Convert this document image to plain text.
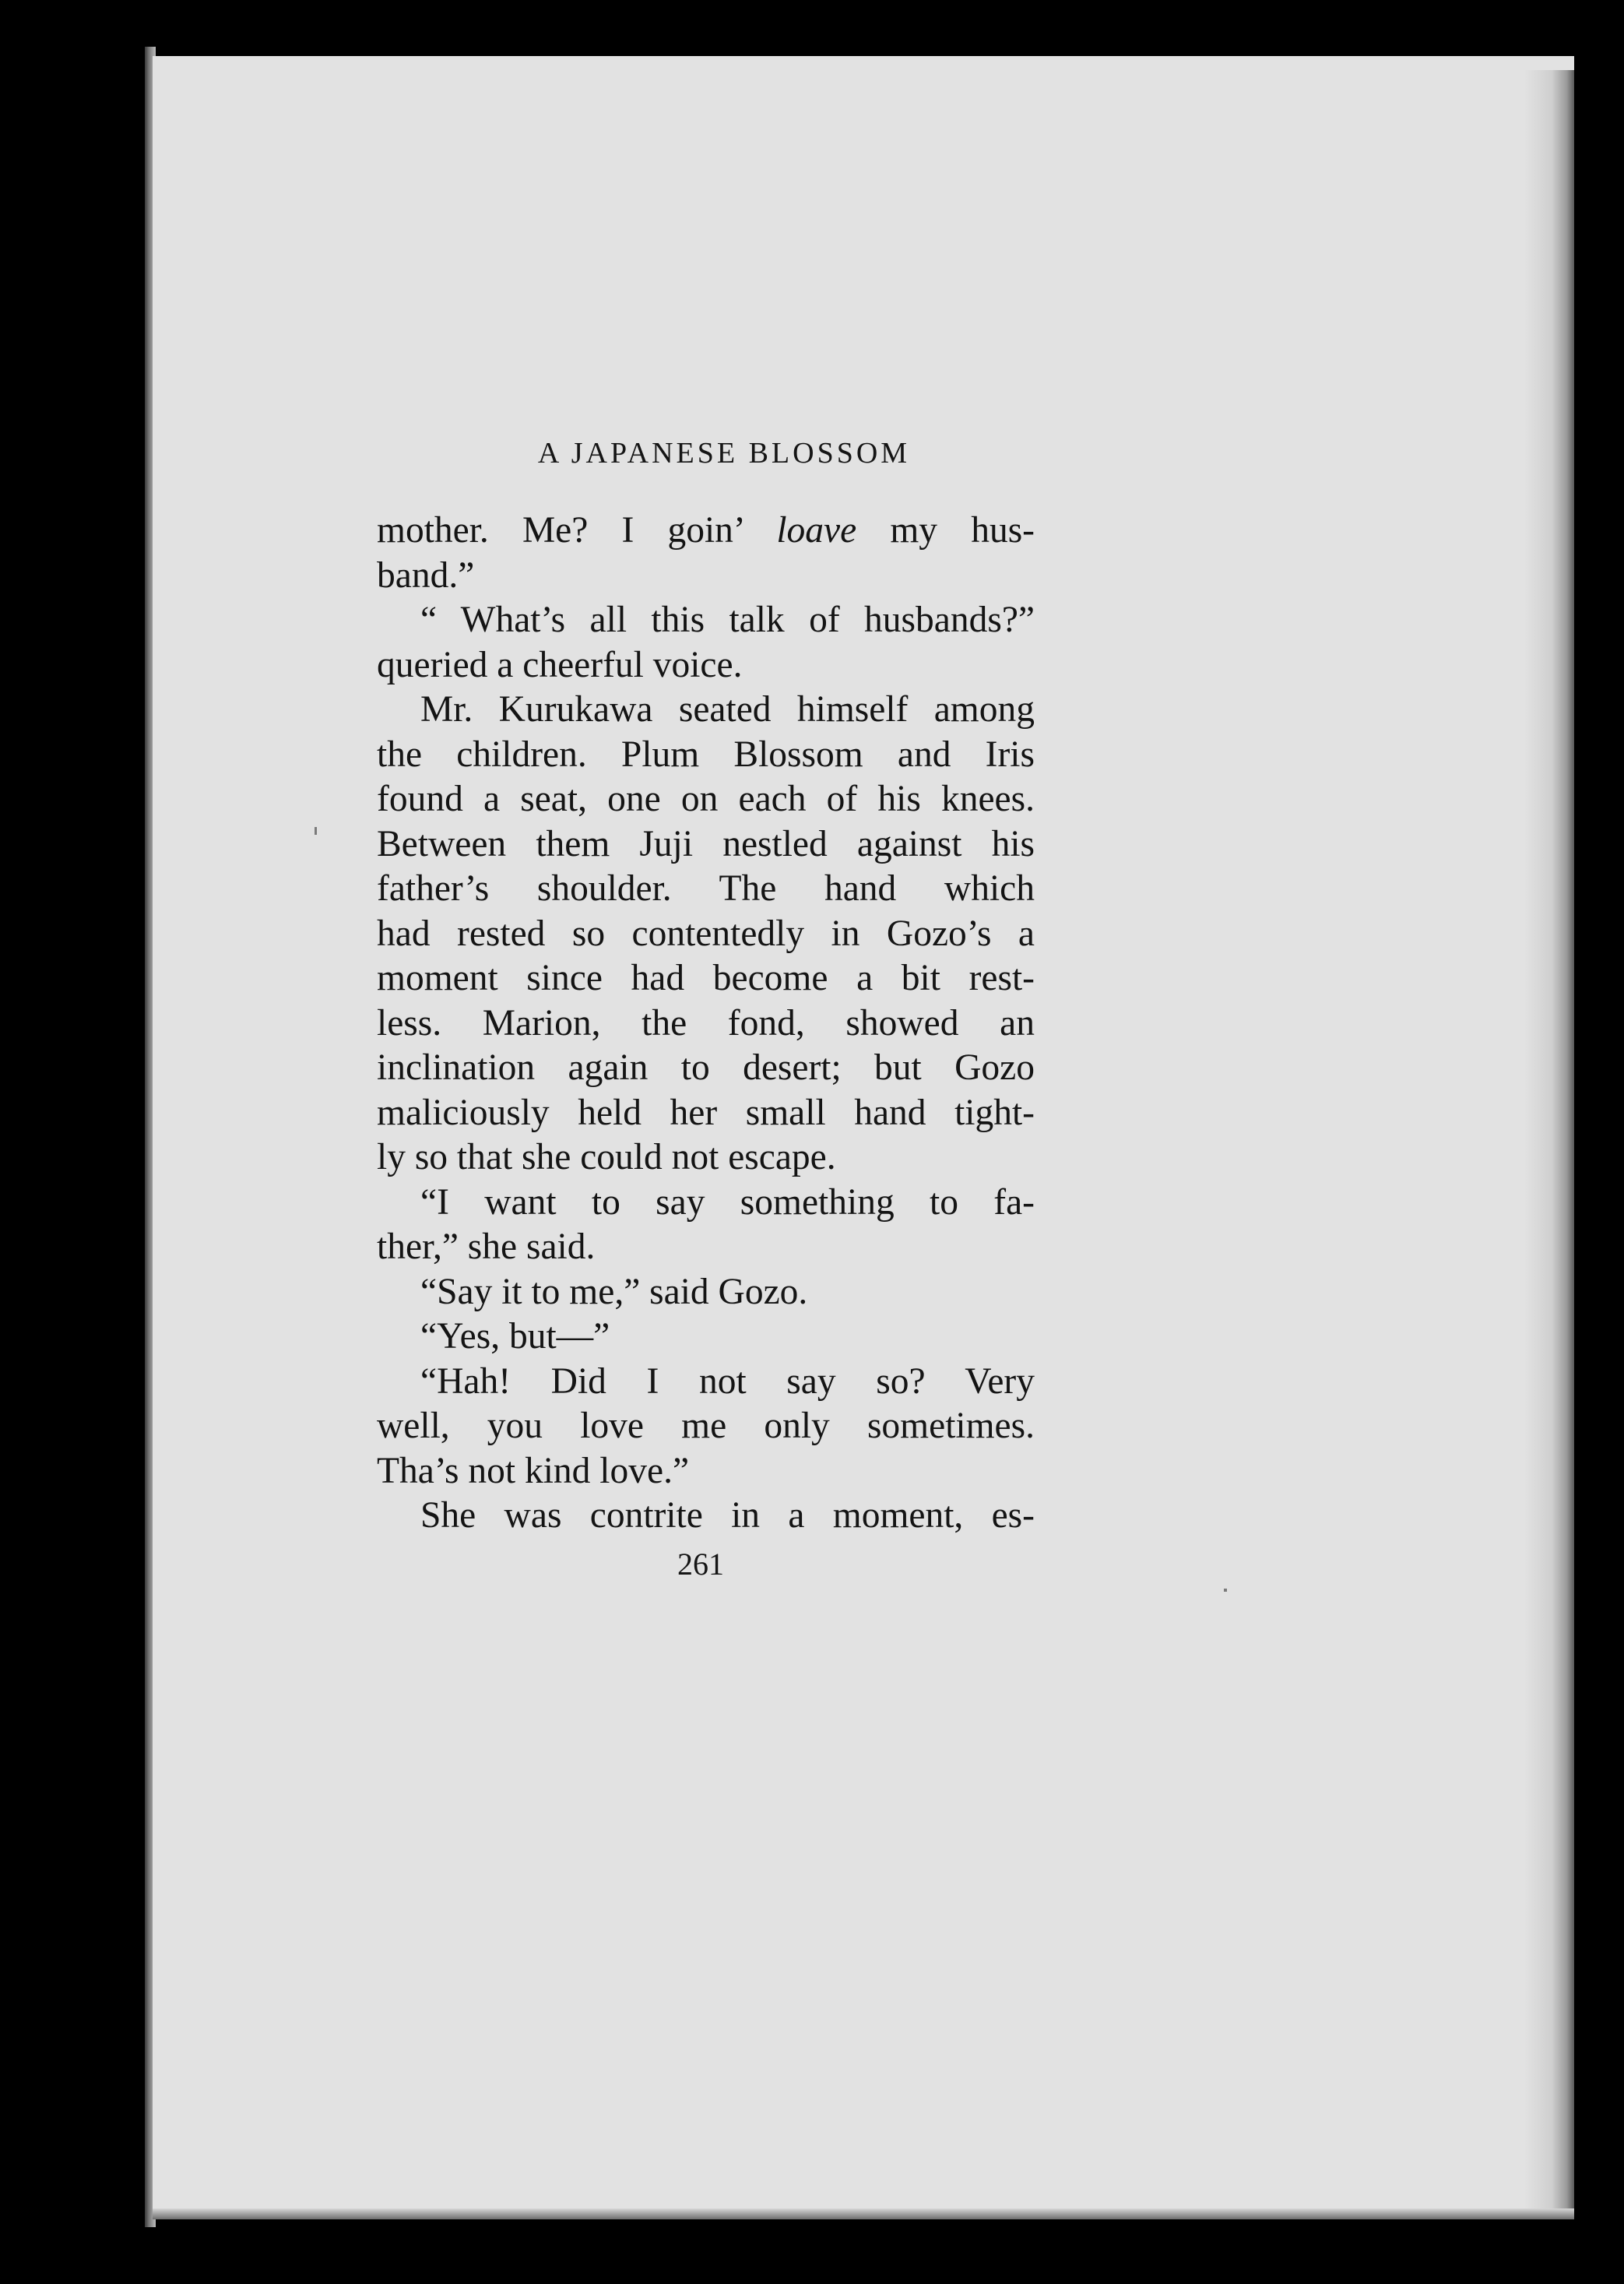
A JAPANESE BLOSSOM
mother. Me? I goin’ loave my hus-
band.”
“ What’s all this talk of husbands?”
queried a cheerful voice.
Mr. Kurukawa seated himself among
the children. Plum Blossom and Iris
found a seat, one on each of his knees.
Between them Juji nestled against his
father’s shoulder. The hand which
had rested so contentedly in Gozo’s a
moment since had become a bit rest-
less. Marion, the fond, showed an
inclination again to desert; but Gozo
maliciously held her small hand tight-
ly so that she could not escape.
“I want to say something to fa-
ther,” she said.
“Say it to me,” said Gozo.
“Yes, but—”
“Hah! Did I not say so? Very
well, you love me only sometimes.
Tha’s not kind love.”
She was contrite in a moment, es-
261
